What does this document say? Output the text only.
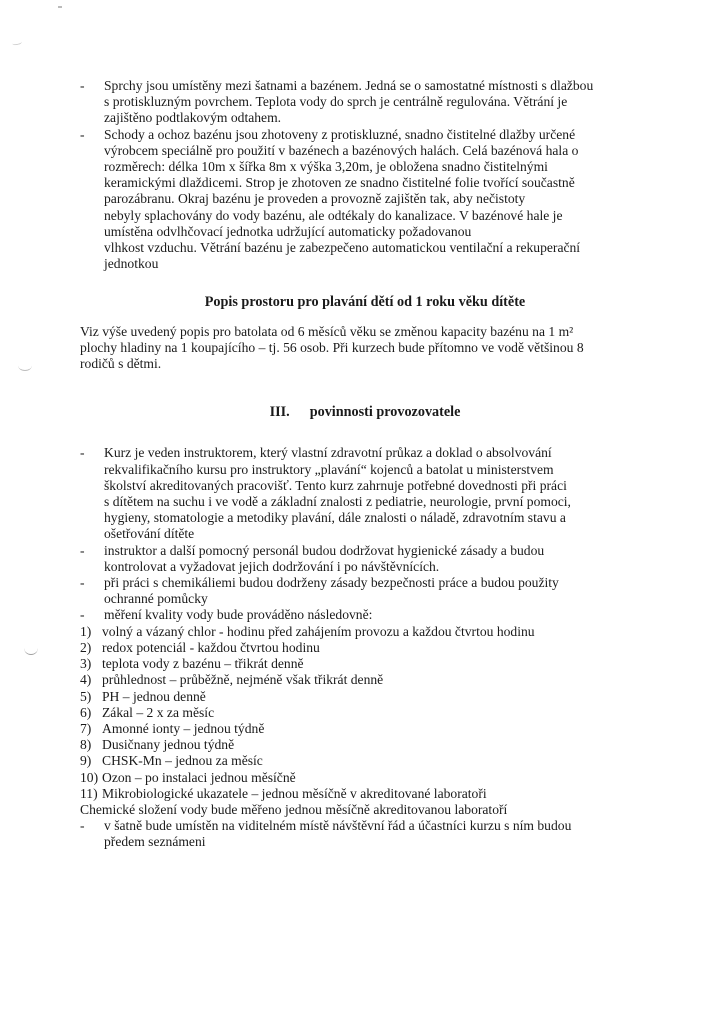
- Sprchy jsou umístěny mezi šatnami a bazénem. Jedná se o samostatné místnosti s dlažbou
s protiskluzným povrchem. Teplota vody do sprch je centrálně regulována. Větrání je
zajištěno podtlakovým odtahem.
- Schody a ochoz bazénu jsou zhotoveny z protiskluzné, snadno čistitelné dlažby určené
výrobcem speciálně pro použití v bazénech a bazénových halách. Celá bazénová hala o
rozměrech: délka 10m x šířka 8m x výška 3,20m, je obložena snadno čistitelnými
keramickými dlaždicemi. Strop je zhotoven ze snadno čistitelné folie tvořící součastně
parozábranu. Okraj bazénu je proveden a provozně zajištěn tak, aby nečistoty
nebyly splachovány do vody bazénu, ale odtékaly do kanalizace. V bazénové hale je
umístěna odvlhčovací jednotka udržující automaticky požadovanou
vlhkost vzduchu. Větrání bazénu je zabezpečeno automatickou ventilační a rekuperační
jednotkou
Popis prostoru pro plavání dětí od 1 roku věku dítěte

Viz výše uvedený popis pro batolata od 6 měsíců věku se změnou kapacity bazénu na 1 m²

plochy hladiny na 1 koupajícího – tj. 56 osob. Při kurzech bude přítomno ve vodě většinou 8

rodičů s dětmi.

III. povinnosti provozovatele
- Kurz je veden instruktorem, který vlastní zdravotní průkaz a doklad o absolvování
rekvalifikačního kursu pro instruktory „plavání“ kojenců a batolat u ministerstvem
školství akreditovaných pracovišť. Tento kurz zahrnuje potřebné dovednosti při práci
s dítětem na suchu i ve vodě a základní znalosti z pediatrie, neurologie, první pomoci,
hygieny, stomatologie a metodiky plavání, dále znalosti o náladě, zdravotním stavu a
ošetřování dítěte
- instruktor a další pomocný personál budou dodržovat hygienické zásady a budou
kontrolovat a vyžadovat jejich dodržování i po návštěvnících.
- při práci s chemikáliemi budou dodrženy zásady bezpečnosti práce a budou použity
ochranné pomůcky
- měření kvality vody bude prováděno následovně:
1) volný a vázaný chlor - hodinu před zahájením provozu a každou čtvrtou hodinu
2) redox potenciál - každou čtvrtou hodinu
3) teplota vody z bazénu – třikrát denně
4) průhlednost – průběžně, nejméně však třikrát denně
5) PH – jednou denně
6) Zákal – 2 x za měsíc
7) Amonné ionty – jednou týdně
8) Dusičnany jednou týdně
9) CHSK-Mn – jednou za měsíc
10) Ozon – po instalaci jednou měsíčně
11) Mikrobiologické ukazatele – jednou měsíčně v akreditované laboratoři

Chemické složení vody bude měřeno jednou měsíčně akreditovanou laboratoří

- v šatně bude umístěn na viditelném místě návštěvní řád a účastníci kurzu s ním budou
předem seznámeni
